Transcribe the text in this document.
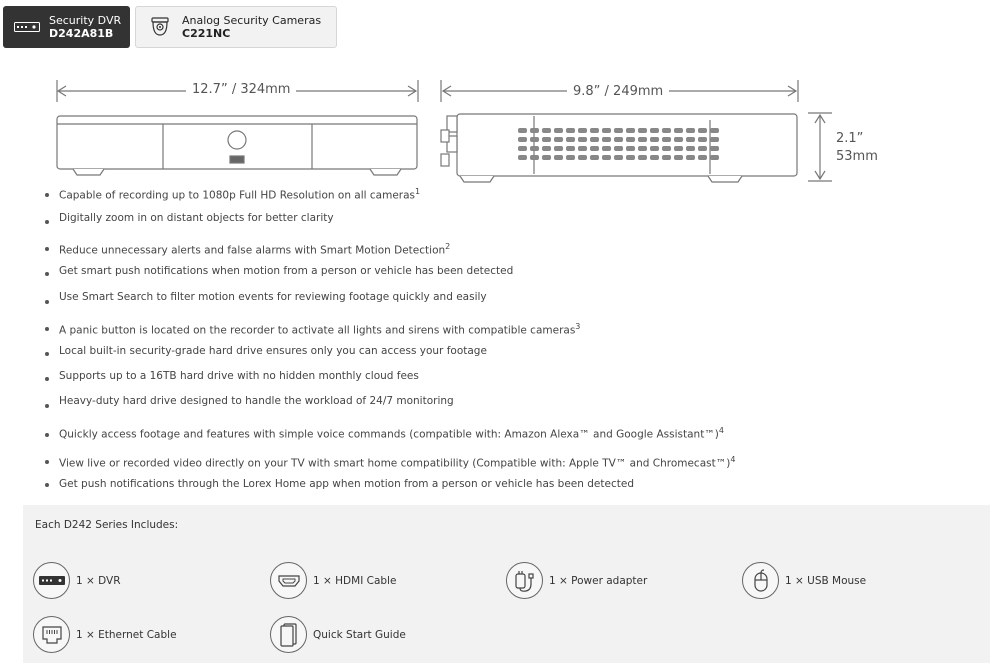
Security DVR
D242A81B
Analog Security Cameras
C221NC
12.7” / 324mm	9.8” / 249mm
2.1”
53mm
Capable of recording up to 1080p Full HD Resolution on all cameras$^1$
Digitally zoom in on distant objects for better clarity
Reduce unnecessary alerts and false alarms with Smart Motion Detection$^2$
Get smart push notifications when motion from a person or vehicle has been detected
Use Smart Search to filter motion events for reviewing footage quickly and easily
A panic button is located on the recorder to activate all lights and sirens with compatible cameras$^3$
Local built-in security-grade hard drive ensures only you can access your footage
Supports up to a 16TB hard drive with no hidden monthly cloud fees
Heavy-duty hard drive designed to handle the workload of 24/7 monitoring
Quickly access footage and features with simple voice commands (compatible with: Amazon Alexa™ and Google Assistant™)$^4$
View live or recorded video directly on your TV with smart home compatibility (Compatible with: Apple TV™ and Chromecast™)$^4$
Get push notifications through the Lorex Home app when motion from a person or vehicle has been detected
Each D242 Series Includes:
1 × DVR	1 × HDMI Cable	1 × Power adapter	1 × USB Mouse
1 × Ethernet Cable	Quick Start Guide
